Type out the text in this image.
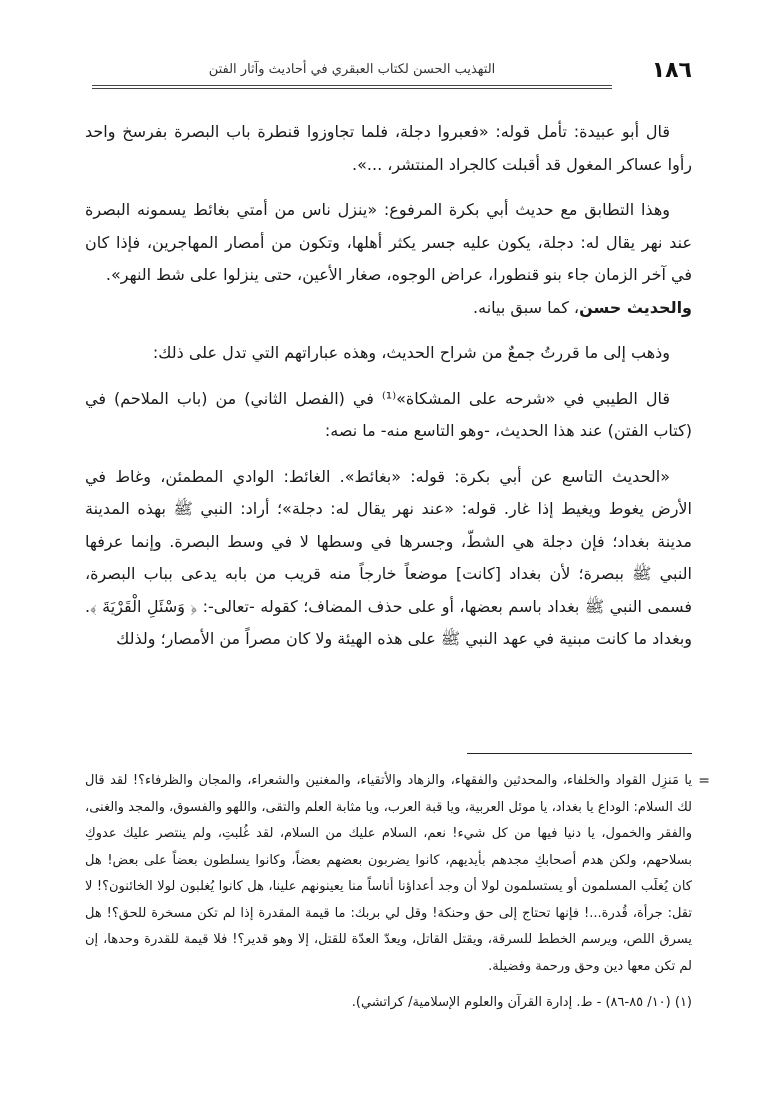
١٨٦
التهذيب الحسن لكتاب العبقري في أحاديث وآثار الفتن

قال أبو عبيدة: تأمل قوله: «فعبروا دجلة، فلما تجاوزوا قنطرة باب البصرة بفرسخ واحد رأوا عساكر المغول قد أقبلت كالجراد المنتشر، ...».

وهذا التطابق مع حديث أبي بكرة المرفوع: «ينزل ناس من أمتي بغائط يسمونه البصرة عند نهر يقال له: دجلة، يكون عليه جسر يكثر أهلها، وتكون من أمصار المهاجرين، فإذا كان في آخر الزمان جاء بنو قنطورا، عراض الوجوه، صغار الأعين، حتى ينزلوا على شط النهر».

والحديث حسن، كما سبق بيانه.

وذهب إلى ما قررتُ جمعٌ من شراح الحديث، وهذه عباراتهم التي تدل على ذلك:

قال الطيبي في «شرحه على المشكاة»⁽¹⁾ في (الفصل الثاني) من (باب الملاحم) في (كتاب الفتن) عند هذا الحديث، -وهو التاسع منه- ما نصه:

«الحديث التاسع عن أبي بكرة: قوله: «بغائط». الغائط: الوادي المطمئن، وغاط في الأرض يغوط ويغيط إذا غار. قوله: «عند نهر يقال له: دجلة»؛ أراد: النبي ﷺ بهذه المدينة مدينة بغداد؛ فإن دجلة هي الشطّ، وجسرها في وسطها لا في وسط البصرة. وإنما عرفها النبي ﷺ ببصرة؛ لأن بغداد [كانت] موضعاً خارجاً منه قريب من بابه يدعى بباب البصرة، فسمى النبي ﷺ بغداد باسم بعضها، أو على حذف المضاف؛ كقوله -تعالى-: ﴿ وَسْئَلِ الْقَرْيَةَ ﴾. وبغداد ما كانت مبنية في عهد النبي ﷺ على هذه الهيئة ولا كان مصراً من الأمصار؛ ولذلك

=
يا مَنزِل القواد والخلفاء، والمحدثين والفقهاء، والزهاد والأتقياء، والمغنين والشعراء، والمجان والظرفاء؟! لقد قال لك السلام: الوداع يا بغداد، يا موئل العربية، ويا قبة العرب، ويا مثابة العلم والتقى، واللهو والفسوق، والمجد والغنى، والفقر والخمول، يا دنيا فيها من كل شيء! نعم، السلام عليك من السلام، لقد غُلبتِ، ولم ينتصر عليك عدوكِ بسلاحهم، ولكن هدم أصحابكِ مجدهم بأيديهم، كانوا يضربون بعضهم بعضاً، وكانوا يسلطون بعضاً على بعض! هل كان يُغلَب المسلمون أو يستسلمون لولا أن وجد أعداؤنا أناساً منا يعينونهم علينا، هل كانوا يُغلبون لولا الخائنون؟! لا تقل: جرأة، قُدرة...! فإنها تحتاج إلى حق وحنكة! وقل لي بربك: ما قيمة المقدرة إذا لم تكن مسخرة للحق؟! هل يسرق اللص، ويرسم الخطط للسرقة، ويقتل القاتل، ويعدّ العدّة للقتل، إلا وهو قدير؟! فلا قيمة للقدرة وحدها، إن لم تكن معها دين وحق ورحمة وفضيلة.

(١) (١٠/ ٨٥-٨٦) - ط. إدارة القرآن والعلوم الإسلامية/ كراتشي).
